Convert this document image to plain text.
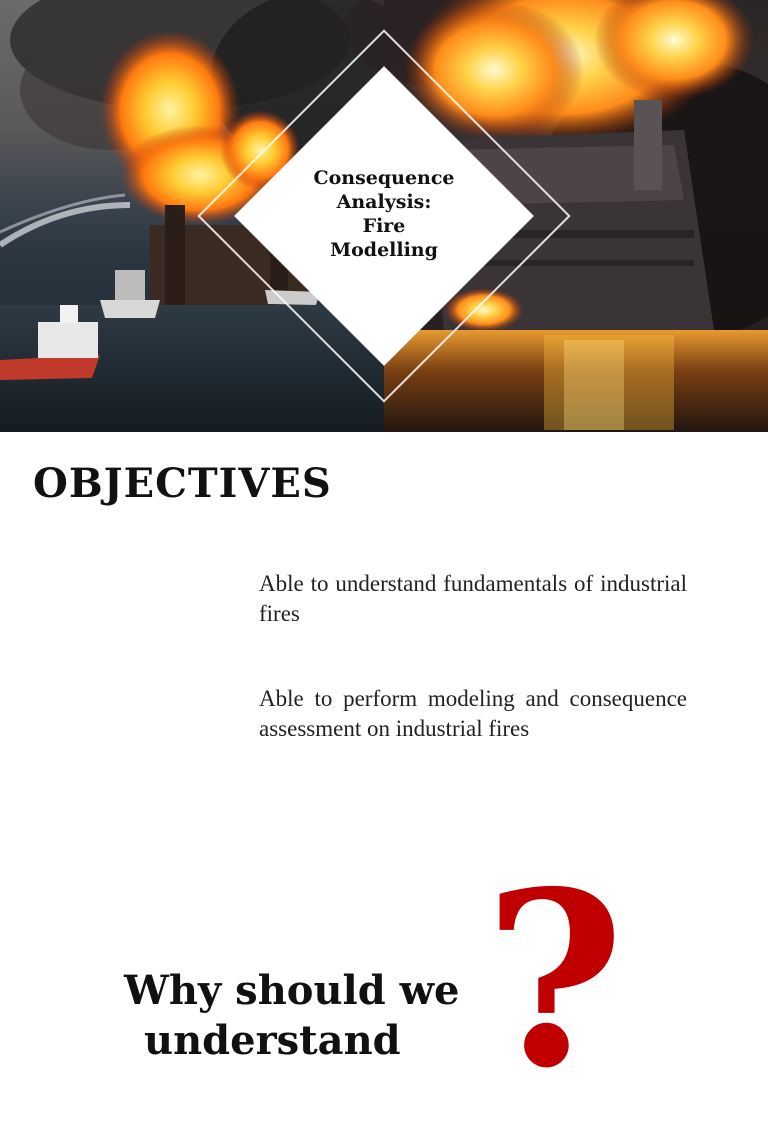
Consequence
Analysis:
Fire
Modelling
OBJECTIVES

Able to understand fundamentals of industrial fires

Able to perform modeling and consequence assessment on industrial fires

Why should we
understand ?
